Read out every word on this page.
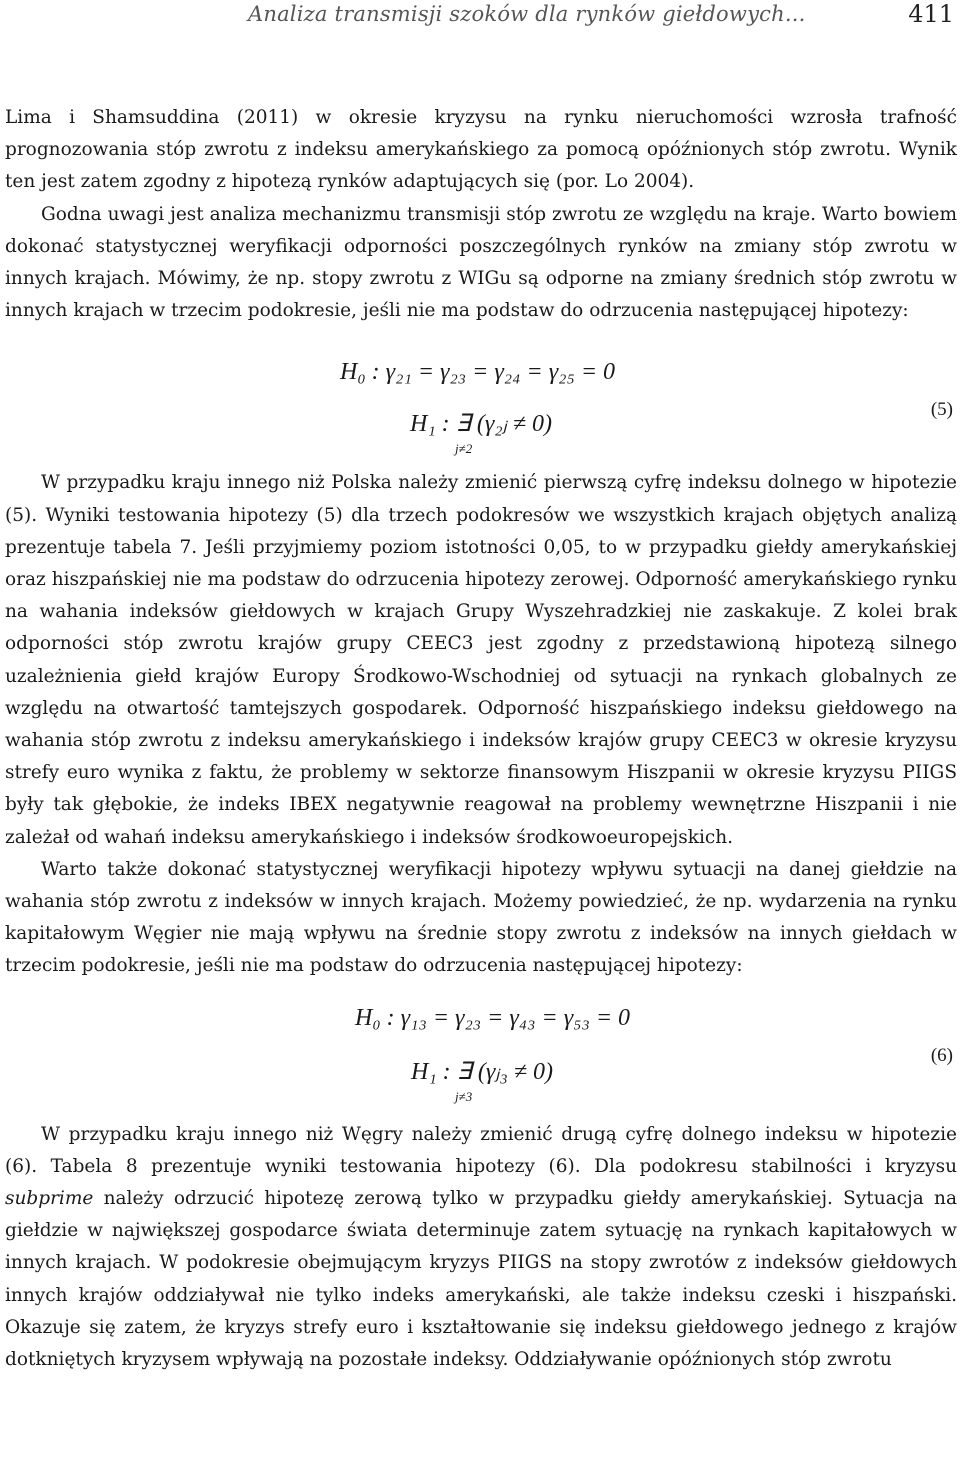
Analiza transmisji szoków dla rynków giełdowych...	411

Lima i Shamsuddina (2011) w okresie kryzysu na rynku nieruchomości wzrosła trafność prognozowania stóp zwrotu z indeksu amerykańskiego za pomocą opóźnionych stóp zwrotu. Wynik ten jest zatem zgodny z hipotezą rynków adaptujących się (por. Lo 2004).

Godna uwagi jest analiza mechanizmu transmisji stóp zwrotu ze względu na kraje. Warto bowiem dokonać statystycznej weryfikacji odporności poszczególnych rynków na zmiany stóp zwrotu w innych krajach. Mówimy, że np. stopy zwrotu z WIGu są odporne na zmiany średnich stóp zwrotu w innych krajach w trzecim podokresie, jeśli nie ma podstaw do odrzucenia następującej hipotezy:

H₀ : γ₂₁ = γ₂₃ = γ₂₄ = γ₂₅ = 0
H₁ : ∃ (γ₂ⱼ ≠ 0)
j≠2
(5)

W przypadku kraju innego niż Polska należy zmienić pierwszą cyfrę indeksu dolnego w hipotezie (5). Wyniki testowania hipotezy (5) dla trzech podokresów we wszystkich krajach objętych analizą prezentuje tabela 7. Jeśli przyjmiemy poziom istotności 0,05, to w przypadku giełdy amerykańskiej oraz hiszpańskiej nie ma podstaw do odrzucenia hipotezy zerowej. Odporność amerykańskiego rynku na wahania indeksów giełdowych w krajach Grupy Wyszehradzkiej nie zaskakuje. Z kolei brak odporności stóp zwrotu krajów grupy CEEC3 jest zgodny z przedstawioną hipotezą silnego uzależnienia giełd krajów Europy Środkowo-Wschodniej od sytuacji na rynkach globalnych ze względu na otwartość tamtejszych gospodarek. Odporność hiszpańskiego indeksu giełdowego na wahania stóp zwrotu z indeksu amerykańskiego i indeksów krajów grupy CEEC3 w okresie kryzysu strefy euro wynika z faktu, że problemy w sektorze finansowym Hiszpanii w okresie kryzysu PIIGS były tak głębokie, że indeks IBEX negatywnie reagował na problemy wewnętrzne Hiszpanii i nie zależał od wahań indeksu amerykańskiego i indeksów środkowoeuropejskich.

Warto także dokonać statystycznej weryfikacji hipotezy wpływu sytuacji na danej giełdzie na wahania stóp zwrotu z indeksów w innych krajach. Możemy powiedzieć, że np. wydarzenia na rynku kapitałowym Węgier nie mają wpływu na średnie stopy zwrotu z indeksów na innych giełdach w trzecim podokresie, jeśli nie ma podstaw do odrzucenia następującej hipotezy:

H₀ : γ₁₃ = γ₂₃ = γ₄₃ = γ₅₃ = 0
H₁ : ∃ (γⱼ₃ ≠ 0)
j≠3
(6)

W przypadku kraju innego niż Węgry należy zmienić drugą cyfrę dolnego indeksu w hipotezie (6). Tabela 8 prezentuje wyniki testowania hipotezy (6). Dla podokresu stabilności i kryzysu subprime należy odrzucić hipotezę zerową tylko w przypadku giełdy amerykańskiej. Sytuacja na giełdzie w największej gospodarce świata determinuje zatem sytuację na rynkach kapitałowych w innych krajach. W podokresie obejmującym kryzys PIIGS na stopy zwrotów z indeksów giełdowych innych krajów oddziaływał nie tylko indeks amerykański, ale także indeksu czeski i hiszpański. Okazuje się zatem, że kryzys strefy euro i kształtowanie się indeksu giełdowego jednego z krajów dotkniętych kryzysem wpływają na pozostałe indeksy. Oddziaływanie opóźnionych stóp zwrotu
